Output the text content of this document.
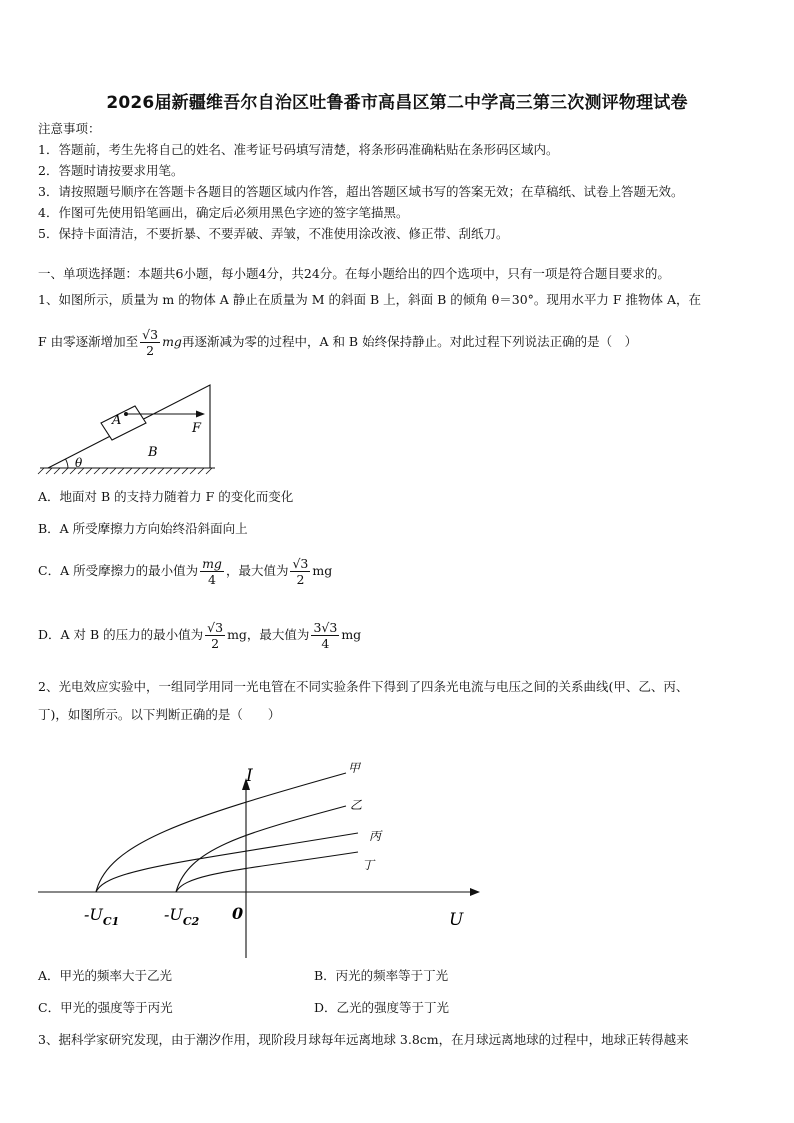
2026届新疆维吾尔自治区吐鲁番市高昌区第二中学高三第三次测评物理试卷
注意事项：
1．答题前，考生先将自己的姓名、准考证号码填写清楚，将条形码准确粘贴在条形码区域内。
2．答题时请按要求用笔。
3．请按照题号顺序在答题卡各题目的答题区域内作答，超出答题区域书写的答案无效；在草稿纸、试卷上答题无效。
4．作图可先使用铅笔画出，确定后必须用黑色字迹的签字笔描黑。
5．保持卡面清洁，不要折暴、不要弄破、弄皱，不准使用涂改液、修正带、刮纸刀。
一、单项选择题：本题共6小题，每小题4分，共24分。在每小题给出的四个选项中，只有一项是符合题目要求的。
1、如图所示，质量为 m 的物体 A 静止在质量为 M 的斜面 B 上，斜面 B 的倾角 θ＝30°。现用水平力 F 推物体 A，在
F 由零逐渐增加至 $\frac{√3}{2}$ mg再逐渐减为零的过程中，A 和 B 始终保持静止。对此过程下列说法正确的是（　）
A
B
F
θ
A．地面对 B 的支持力随着力 F 的变化而变化
B．A 所受摩擦力方向始终沿斜面向上
C．A 所受摩擦力的最小值为 $\frac{mg}{4}$ ，最大值为 $\frac{√3}{2}$ mg
D．A 对 B 的压力的最小值为 $\frac{√3}{2}$ mg，最大值为 $\frac{3√3}{4}$ mg
2、光电效应实验中，一组同学用同一光电管在不同实验条件下得到了四条光电流与电压之间的关系曲线(甲、乙、丙、
丁)，如图所示。以下判断正确的是（　　）
甲
乙
丙
丁
I
U
0
$-U_{C1}$	$-U_{C2}$
A．甲光的频率大于乙光	B．丙光的频率等于丁光
C．甲光的强度等于丙光	D．乙光的强度等于丁光
3、据科学家研究发现，由于潮汐作用，现阶段月球每年远离地球 3.8cm，在月球远离地球的过程中，地球正转得越来
